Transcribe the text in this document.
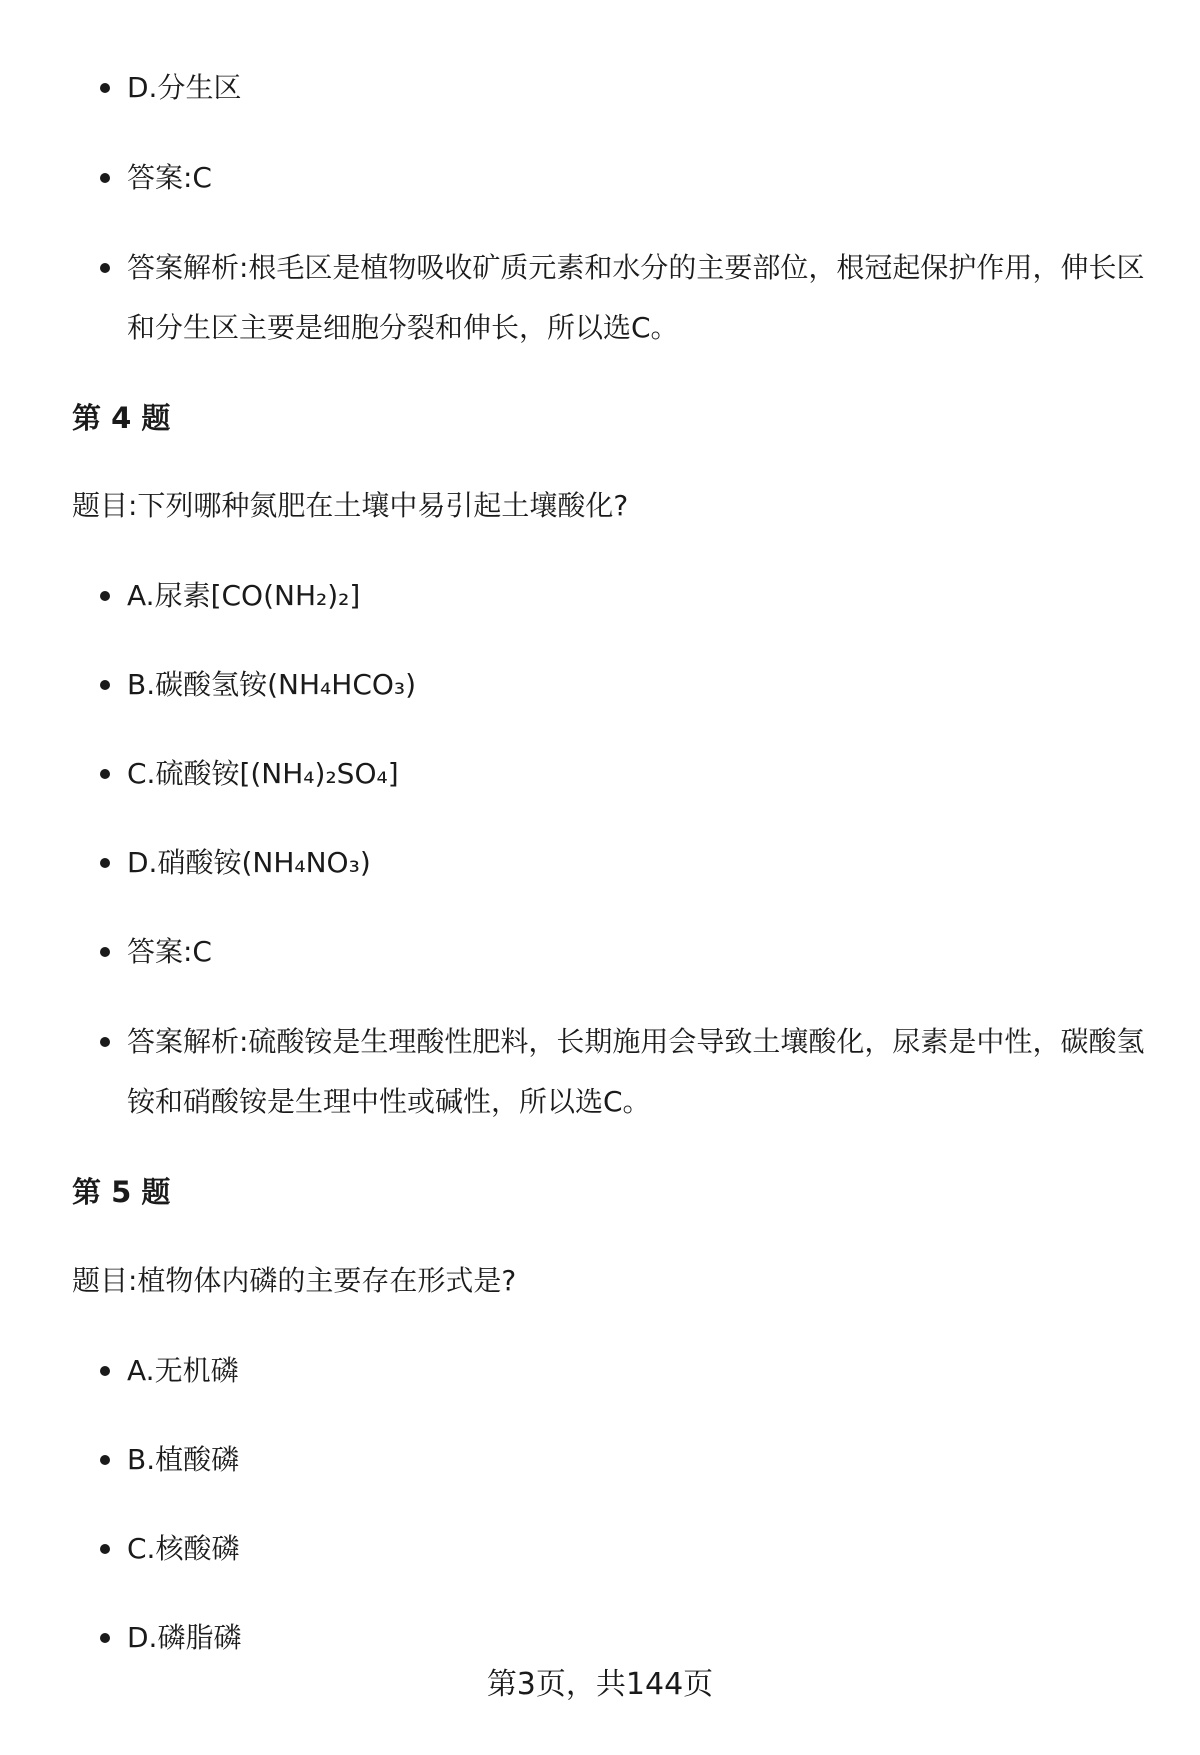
D.分生区
答案:C
答案解析:根毛区是植物吸收矿质元素和水分的主要部位，根冠起保护作用，伸长区和分生区主要是细胞分裂和伸长，所以选C。
第 4 题
题目:下列哪种氮肥在土壤中易引起土壤酸化?
A.尿素[CO(NH₂)₂]
B.碳酸氢铵(NH₄HCO₃)
C.硫酸铵[(NH₄)₂SO₄]
D.硝酸铵(NH₄NO₃)
答案:C
答案解析:硫酸铵是生理酸性肥料，长期施用会导致土壤酸化，尿素是中性，碳酸氢铵和硝酸铵是生理中性或碱性，所以选C。
第 5 题
题目:植物体内磷的主要存在形式是?
A.无机磷
B.植酸磷
C.核酸磷
D.磷脂磷
第3页，共144页
